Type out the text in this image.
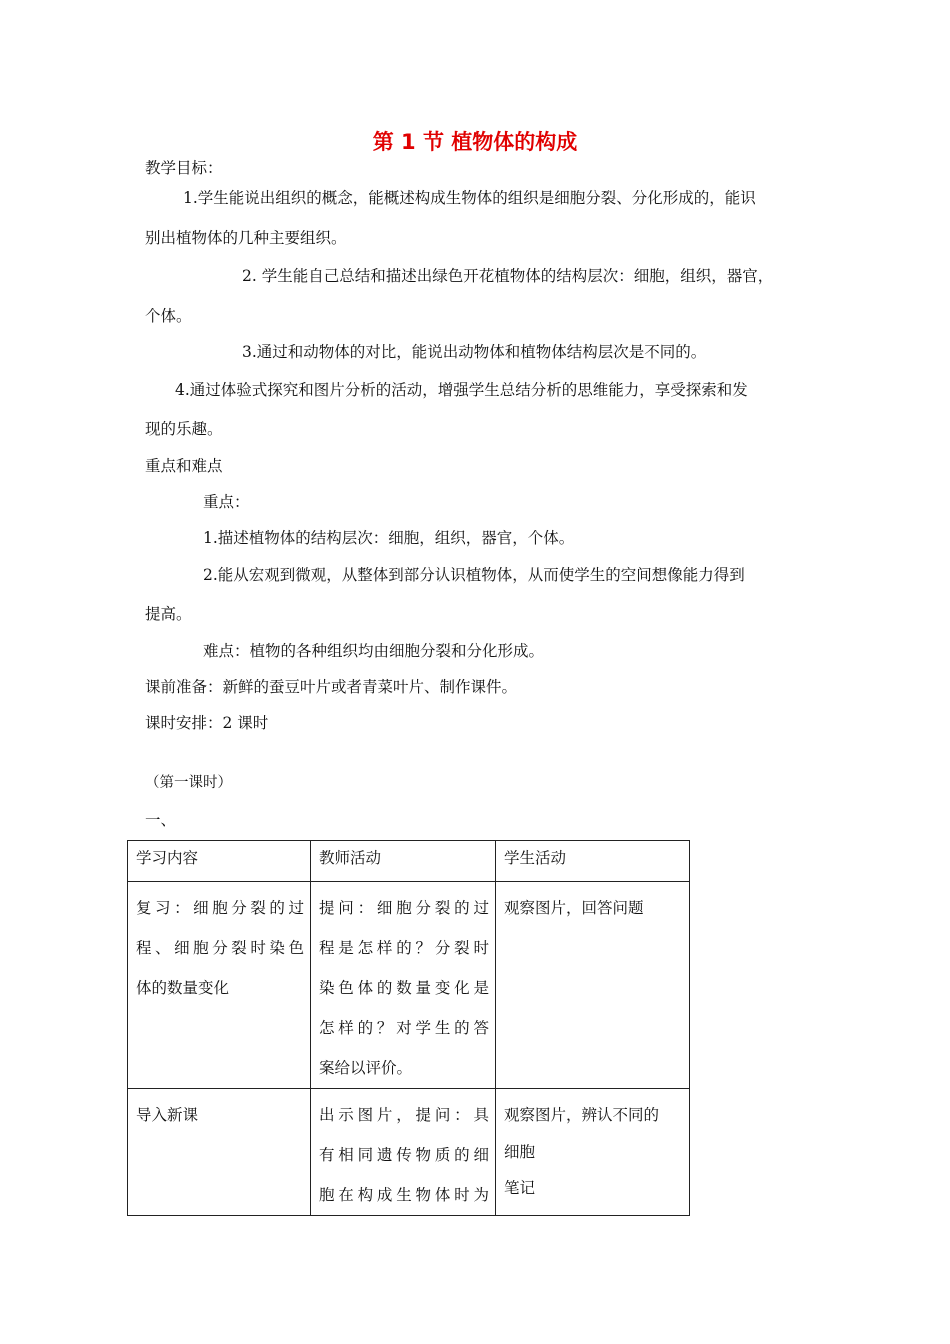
第 1 节 植物体的构成
教学目标：
1.学生能说出组织的概念，能概述构成生物体的组织是细胞分裂、分化形成的，能识
别出植物体的几种主要组织。
2. 学生能自己总结和描述出绿色开花植物体的结构层次：细胞，组织，器官，
个体。
3.通过和动物体的对比，能说出动物体和植物体结构层次是不同的。
4.通过体验式探究和图片分析的活动，增强学生总结分析的思维能力，享受探索和发
现的乐趣。
重点和难点
重点：
1.描述植物体的结构层次：细胞，组织，器官，个体。
2.能从宏观到微观，从整体到部分认识植物体，从而使学生的空间想像能力得到
提高。
难点：植物的各种组织均由细胞分裂和分化形成。
课前准备：新鲜的蚕豆叶片或者青菜叶片、制作课件。
课时安排：2 课时
（第一课时）
一、
学习内容	教师活动	学生活动

复习：细胞分裂的过
程、细胞分裂时染色
体的数量变化	提问：细胞分裂的过
程是怎样的？分裂时
染色体的数量变化是
怎样的？对学生的答
案给以评价。	观察图片，回答问题

导入新课	出示图片，提问：具
有相同遗传物质的细
胞在构成生物体时为	观察图片，辨认不同的
细胞
笔记
